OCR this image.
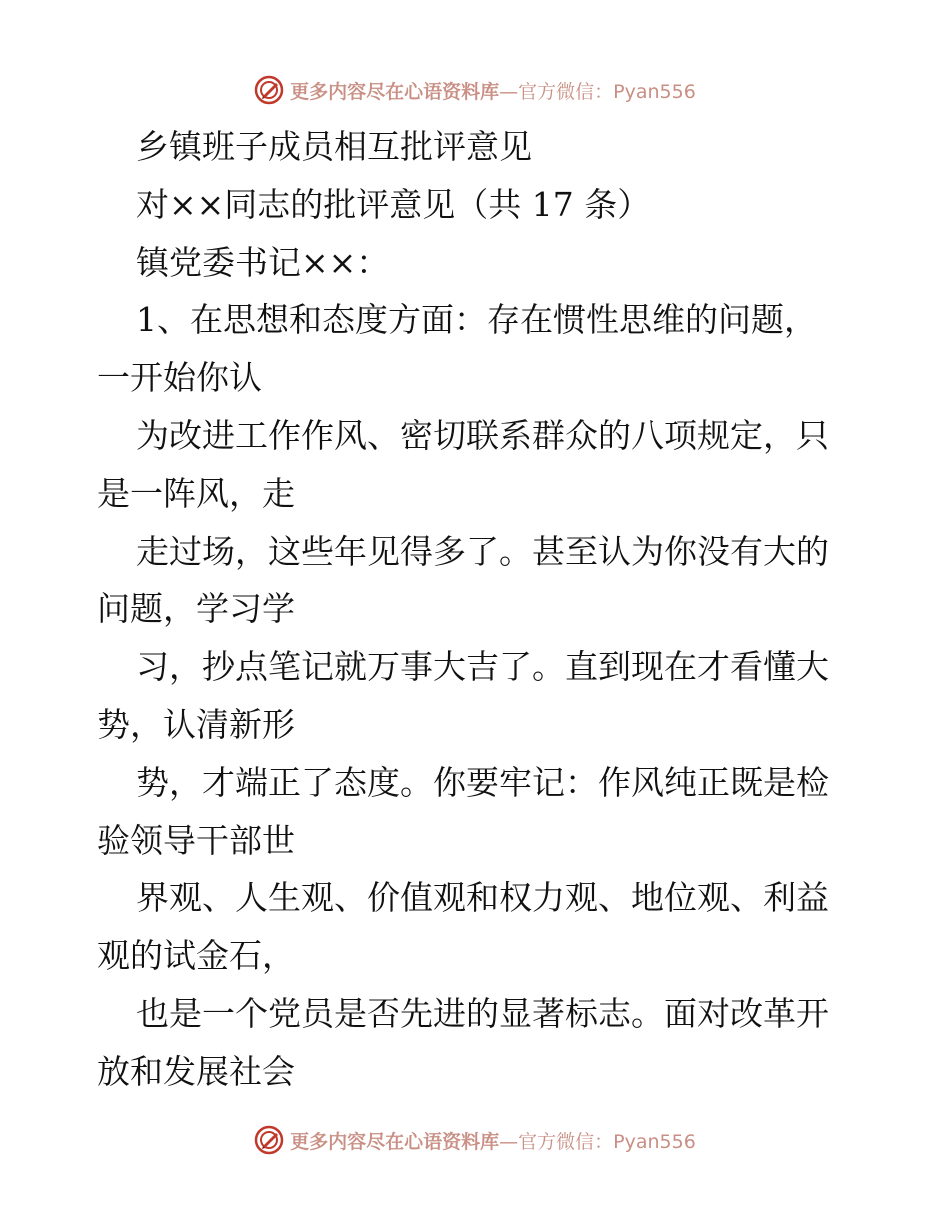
更多内容尽在心语资料库—官方微信：Pyan556
乡镇班子成员相互批评意见
对××同志的批评意见（共 17 条）
镇党委书记××：
1、在思想和态度方面：存在惯性思维的问题，
一开始你认
为改进工作作风、密切联系群众的八项规定，只
是一阵风，走
走过场，这些年见得多了。甚至认为你没有大的
问题，学习学
习，抄点笔记就万事大吉了。直到现在才看懂大
势，认清新形
势，才端正了态度。你要牢记：作风纯正既是检
验领导干部世
界观、人生观、价值观和权力观、地位观、利益
观的试金石，
也是一个党员是否先进的显著标志。面对改革开
放和发展社会
更多内容尽在心语资料库—官方微信：Pyan556
